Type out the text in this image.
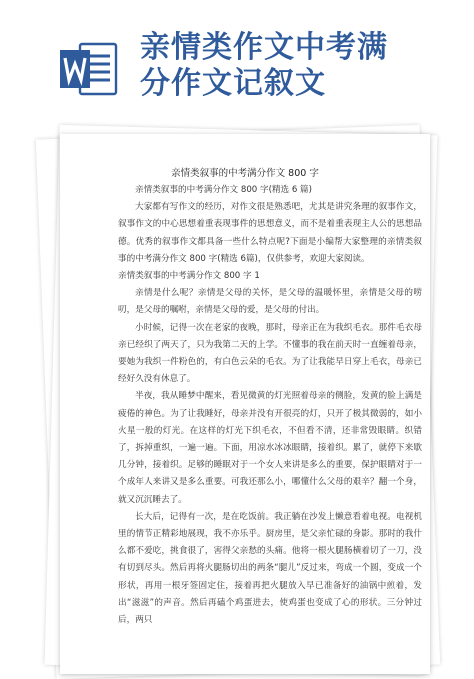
亲情类作文中考满
分作文记叙文
亲情类叙事的中考满分作文 800 字

亲情类叙事的中考满分作文 800 字(精选 6 篇)

大家都有写作文的经历，对作文很是熟悉吧，尤其是讲究条理的叙事作文，叙事作文的中心思想着重表现事件的思想意义，而不是着重表现主人公的思想品德。优秀的叙事作文都具备一些什么特点呢?下面是小编帮大家整理的亲情类叙事的中考满分作文 800 字(精选 6篇)，仅供参考，欢迎大家阅读。

亲情类叙事的中考满分作文 800 字 1

亲情是什么呢？亲情是父母的关怀，是父母的温暖怀里，亲情是父母的唠叨，是父母的嘱咐，亲情是父母的爱，是父母的付出。

小时候，记得一次在老家的夜晚，那时，母亲正在为我织毛衣。那件毛衣母亲已经织了两天了，只为我第二天的上学。不懂事的我在前天时一直缠着母亲，要她为我织一件粉色的，有白色云朵的毛衣。为了让我能早日穿上毛衣，母亲已经好久没有休息了。

半夜，我从睡梦中醒来，看见微黄的灯光照着母亲的侧脸，发黄的脸上满是疲倦的神色。为了让我睡好，母亲并没有开很亮的灯，只开了极其微弱的，如小火星一般的灯光。在这样的灯光下织毛衣，不但看不清，还非常毁眼睛。织错了，拆掉重织，一遍一遍。下面，用凉水冰冰眼睛，接着织。累了，就停下来歇几分钟，接着织。足够的睡眠对于一个女人来讲是多么的重要，保护眼睛对于一个成年人来讲又是多么重要。可我还那么小，哪懂什么父母的艰辛？翻一个身，就又沉沉睡去了。

长大后，记得有一次，是在吃饭前。我正躺在沙发上懒意看着电视。电视机里的情节正精彩地展现，我不亦乐乎。厨房里，是父亲忙碌的身影。那时的我什么都不爱吃，挑食很了，害得父亲愁的头痛。他将一根火腿肠横着切了一刀，没有切到尽头。然后再将火腿肠切出的两条“腿儿”反过来，弯成一个圆，变成一个形状，再用一根牙签固定住，接着再把火腿放入早已准备好的油锅中煎着，发出“滋滋”的声音。然后再磕个鸡蛋进去，使鸡蛋也变成了心的形状。三分钟过后，两只
